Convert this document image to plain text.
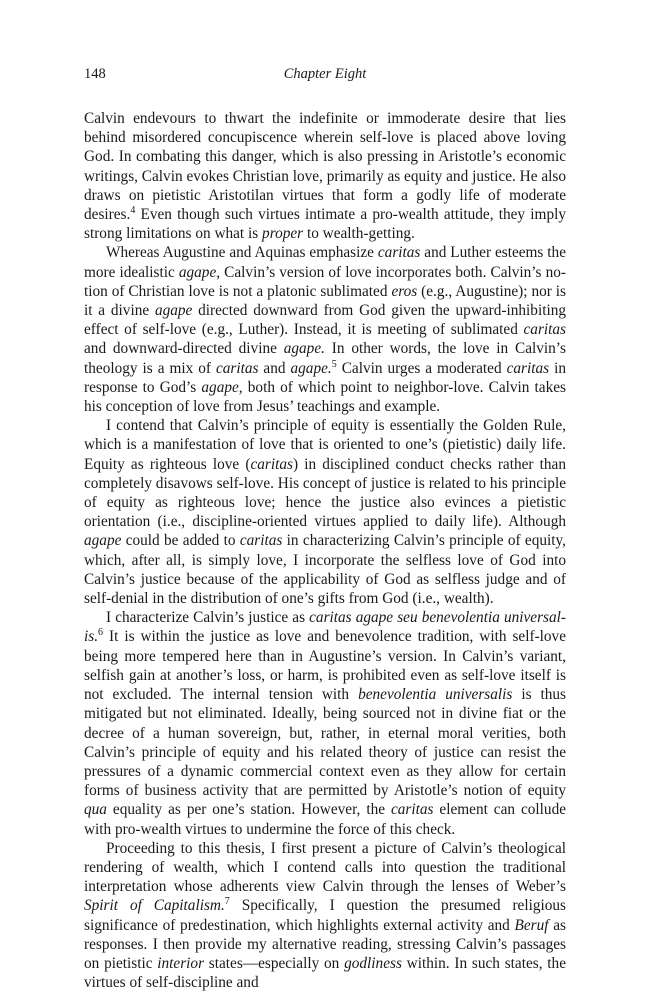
148	Chapter Eight

Calvin endevours to thwart the indefinite or immoderate desire that lies behind misordered concupiscence wherein self-love is placed above loving God. In combating this danger, which is also pressing in Aristotle’s economic writings, Calvin evokes Christian love, primarily as equity and justice. He also draws on pietistic Aristotilan virtues that form a godly life of moderate desires.$^4$ Even though such virtues intimate a pro-wealth attitude, they imply strong limitations on what is proper to wealth-getting.

Whereas Augustine and Aquinas emphasize caritas and Luther esteems the more idealistic agape, Calvin’s version of love incorporates both. Calvin’s notion of Christian love is not a platonic sublimated eros (e.g., Augustine); nor is it a divine agape directed downward from God given the upward-inhibiting effect of self-love (e.g., Luther). Instead, it is meeting of sublimated caritas and downward-directed divine agape. In other words, the love in Calvin’s theology is a mix of caritas and agape.$^5$ Calvin urges a moderated caritas in response to God’s agape, both of which point to neighbor-love. Calvin takes his conception of love from Jesus’ teachings and example.

I contend that Calvin’s principle of equity is essentially the Golden Rule, which is a manifestation of love that is oriented to one’s (pietistic) daily life. Equity as righteous love (caritas) in disciplined conduct checks rather than completely disavows self-love. His concept of justice is related to his principle of equity as righteous love; hence the justice also evinces a pietistic orientation (i.e., discipline-oriented virtues applied to daily life). Although agape could be added to caritas in characterizing Calvin’s principle of equity, which, after all, is simply love, I incorporate the selfless love of God into Calvin’s justice because of the applicability of God as selfless judge and of self-denial in the distribution of one’s gifts from God (i.e., wealth).

I characterize Calvin’s justice as caritas agape seu benevolentia universalis.$^6$ It is within the justice as love and benevolence tradition, with self-love being more tempered here than in Augustine’s version. In Calvin’s variant, selfish gain at another’s loss, or harm, is prohibited even as self-love itself is not excluded. The internal tension with benevolentia universalis is thus mitigated but not eliminated. Ideally, being sourced not in divine fiat or the decree of a human sovereign, but, rather, in eternal moral verities, both Calvin’s principle of equity and his related theory of justice can resist the pressures of a dynamic commercial context even as they allow for certain forms of business activity that are permitted by Aristotle’s notion of equity qua equality as per one’s station. However, the caritas element can collude with pro-wealth virtues to undermine the force of this check.

Proceeding to this thesis, I first present a picture of Calvin’s theological rendering of wealth, which I contend calls into question the traditional interpretation whose adherents view Calvin through the lenses of Weber’s Spirit of Capitalism.$^7$ Specifically, I question the presumed religious significance of predestination, which highlights external activity and Beruf as responses. I then provide my alternative reading, stressing Calvin’s passages on pietistic interior states—especially on godliness within. In such states, the virtues of self-discipline and
